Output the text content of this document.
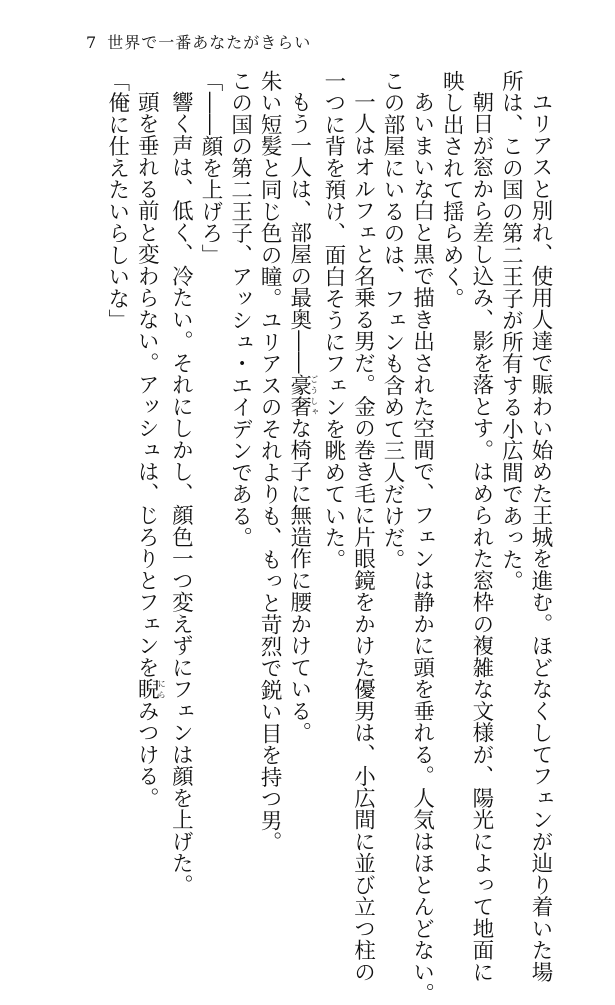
7 世界で一番あなたがきらい
ユリアスと別れ、使用人達で賑わい始めた王城を進む。ほどなくしてフェンが辿り着いた場
所は、この国の第二王子が所有する小広間であった。
朝日が窓から差し込み、影を落とす。はめられた窓枠の複雑な文様が、陽光によって地面に
映し出されて揺らめく。
あいまいな白と黒で描き出された空間で、フェンは静かに頭を垂れる。人気はほとんどない。
この部屋にいるのは、フェンも含めて三人だけだ。
一人はオルフェと名乗る男だ。金の巻き毛に片眼鏡をかけた優男は、小広間に並び立つ柱の
一つに背を預け、面白そうにフェンを眺めていた。
もう一人は、部屋の最奥――豪奢ごうしゃな椅子に無造作に腰かけている。
朱い短髪と同じ色の瞳。ユリアスのそれよりも、もっと苛烈で鋭い目を持つ男。
この国の第二王子、アッシュ・エイデンである。
「――顔を上げろ」
響く声は、低く、冷たい。それにしかし、顔色一つ変えずにフェンは顔を上げた。
頭を垂れる前と変わらない。アッシュは、じろりとフェンを睨にらみつける。
「俺に仕えたいらしいな」
